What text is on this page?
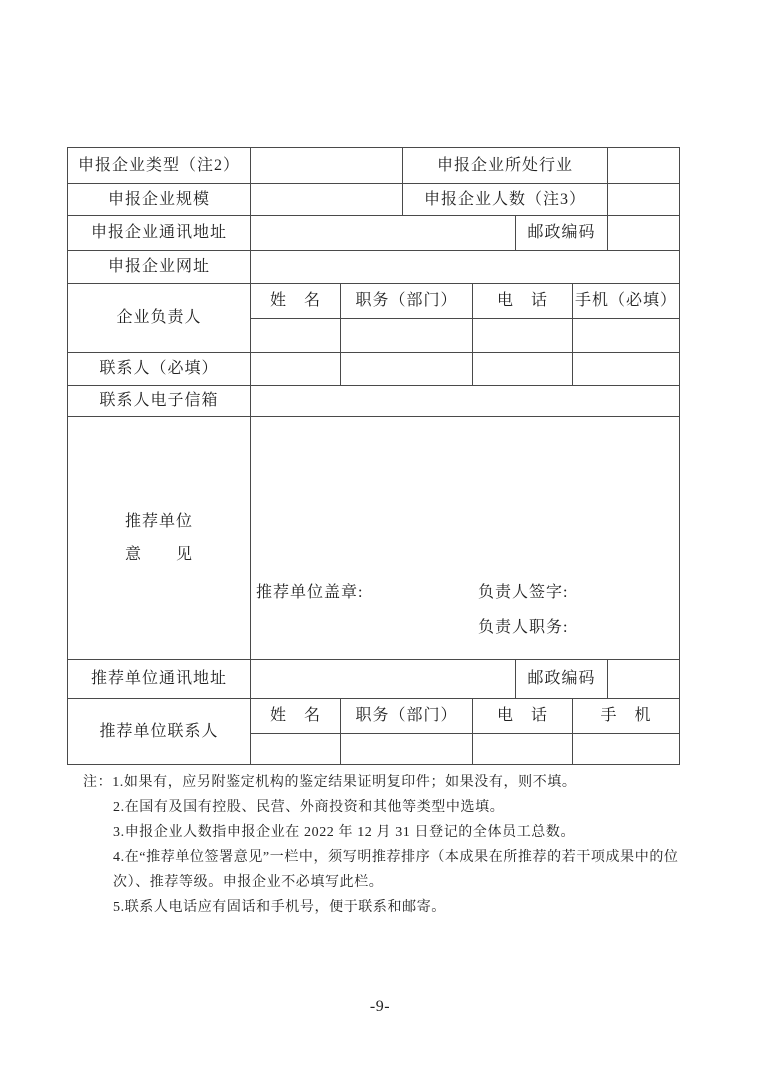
申报企业类型（注2）	申报企业所处行业
申报企业规模	申报企业人数（注3）
申报企业通讯地址	邮政编码
申报企业网址
企业负责人
姓　名	职务（部门）	电　话	手机（必填）
联系人（必填）
联系人电子信箱
推荐单位
意　　见
推荐单位盖章:	负责人签字:
负责人职务:
推荐单位通讯地址	邮政编码
推荐单位联系人
姓　名	职务（部门）	电　话	手　机
注：1.如果有，应另附鉴定机构的鉴定结果证明复印件；如果没有，则不填。
2.在国有及国有控股、民营、外商投资和其他等类型中选填。
3.申报企业人数指申报企业在 2022 年 12 月 31 日登记的全体员工总数。
4.在“推荐单位签署意见”一栏中，须写明推荐排序（本成果在所推荐的若干项成果中的位次）、推荐等级。申报企业不必填写此栏。
5.联系人电话应有固话和手机号，便于联系和邮寄。
-9-
